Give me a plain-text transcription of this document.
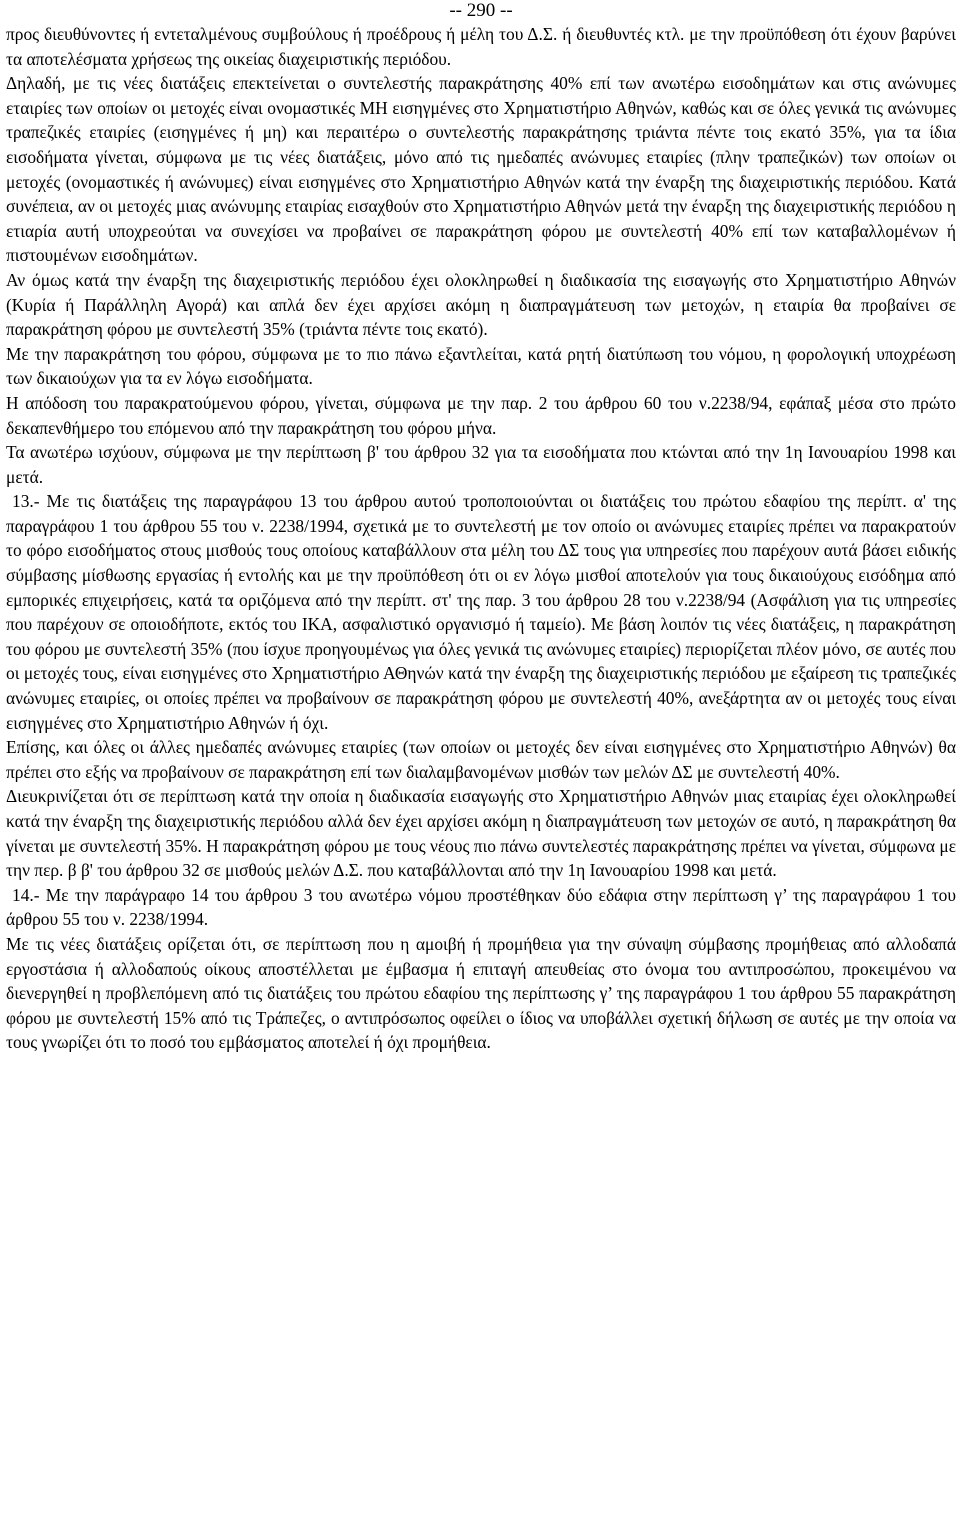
-- 290 --

προς διευθύνοντες ή εντεταλμένους συμβούλους ή προέδρους ή μέλη του Δ.Σ. ή διευθυντές κτλ. με την προϋπόθεση ότι έχουν βαρύνει τα αποτελέσματα χρήσεως της οικείας διαχειριστικής περιόδου.

Δηλαδή, με τις νέες διατάξεις επεκτείνεται ο συντελεστής παρακράτησης 40% επί των ανωτέρω εισοδημάτων και στις ανώνυμες εταιρίες των οποίων οι μετοχές είναι ονομαστικές ΜΗ εισηγμένες στο Χρηματιστήριο Αθηνών, καθώς και σε όλες γενικά τις ανώνυμες τραπεζικές εταιρίες (εισηγμένες ή μη) και περαιτέρω ο συντελεστής παρακράτησης τριάντα πέντε τοις εκατό 35%, για τα ίδια εισοδήματα γίνεται, σύμφωνα με τις νέες διατάξεις, μόνο από τις ημεδαπές ανώνυμες εταιρίες (πλην τραπεζικών) των οποίων οι μετοχές (ονομαστικές ή ανώνυμες) είναι εισηγμένες στο Χρηματιστήριο Αθηνών κατά την έναρξη της διαχειριστικής περιόδου. Κατά συνέπεια, αν οι μετοχές μιας ανώνυμης εταιρίας εισαχθούν στο Χρηματιστήριο Αθηνών μετά την έναρξη της διαχειριστικής περιόδου η ετιαρία αυτή υποχρεούται να συνεχίσει να προβαίνει σε παρακράτηση φόρου με συντελεστή 40% επί των καταβαλλομένων ή πιστουμένων εισοδημάτων.

Αν όμως κατά την έναρξη της διαχειριστικής περιόδου έχει ολοκληρωθεί η διαδικασία της εισαγωγής στο Χρηματιστήριο Αθηνών (Κυρία ή Παράλληλη Αγορά) και απλά δεν έχει αρχίσει ακόμη η διαπραγμάτευση των μετοχών, η εταιρία θα προβαίνει σε παρακράτηση φόρου με συντελεστή 35% (τριάντα πέντε τοις εκατό).

Με την παρακράτηση του φόρου, σύμφωνα με το πιο πάνω εξαντλείται, κατά ρητή διατύπωση του νόμου, η φορολογική υποχρέωση των δικαιούχων για τα εν λόγω εισοδήματα.

Η απόδοση του παρακρατούμενου φόρου, γίνεται, σύμφωνα με την παρ. 2 του άρθρου 60 του ν.2238/94, εφάπαξ μέσα στο πρώτο δεκαπενθήμερο του επόμενου από την παρακράτηση του φόρου μήνα.

Τα ανωτέρω ισχύουν, σύμφωνα με την περίπτωση β' του άρθρου 32 για τα εισοδήματα που κτώνται από την 1η Ιανουαρίου 1998 και μετά.

13.- Με τις διατάξεις της παραγράφου 13 του άρθρου αυτού τροποποιούνται οι διατάξεις του πρώτου εδαφίου της περίπτ. α' της παραγράφου 1 του άρθρου 55 του ν. 2238/1994, σχετικά με το συντελεστή με τον οποίο οι ανώνυμες εταιρίες πρέπει να παρακρατούν το φόρο εισοδήματος στους μισθούς τους οποίους καταβάλλουν στα μέλη του ΔΣ τους για υπηρεσίες που παρέχουν αυτά βάσει ειδικής σύμβασης μίσθωσης εργασίας ή εντολής και με την προϋπόθεση ότι οι εν λόγω μισθοί αποτελούν για τους δικαιούχους εισόδημα από εμπορικές επιχειρήσεις, κατά τα οριζόμενα από την περίπτ. στ' της παρ. 3 του άρθρου 28 του ν.2238/94 (Ασφάλιση για τις υπηρεσίες που παρέχουν σε οποιοδήποτε, εκτός του ΙΚΑ, ασφαλιστικό οργανισμό ή ταμείο). Με βάση λοιπόν τις νέες διατάξεις, η παρακράτηση του φόρου με συντελεστή 35% (που ίσχυε προηγουμένως για όλες γενικά τις ανώνυμες εταιρίες) περιορίζεται πλέον μόνο, σε αυτές που οι μετοχές τους, είναι εισηγμένες στο Χρηματιστήριο ΑΘηνών κατά την έναρξη της διαχειριστικής περιόδου με εξαίρεση τις τραπεζικές ανώνυμες εταιρίες, οι οποίες πρέπει να προβαίνουν σε παρακράτηση φόρου με συντελεστή 40%, ανεξάρτητα αν οι μετοχές τους είναι εισηγμένες στο Χρηματιστήριο Αθηνών ή όχι.

Επίσης, και όλες οι άλλες ημεδαπές ανώνυμες εταιρίες (των οποίων οι μετοχές δεν είναι εισηγμένες στο Χρηματιστήριο Αθηνών) θα πρέπει στο εξής να προβαίνουν σε παρακράτηση επί των διαλαμβανομένων μισθών των μελών ΔΣ με συντελεστή 40%.

Διευκρινίζεται ότι σε περίπτωση κατά την οποία η διαδικασία εισαγωγής στο Χρηματιστήριο Αθηνών μιας εταιρίας έχει ολοκληρωθεί κατά την έναρξη της διαχειριστικής περιόδου αλλά δεν έχει αρχίσει ακόμη η διαπραγμάτευση των μετοχών σε αυτό, η παρακράτηση θα γίνεται με συντελεστή 35%. Η παρακράτηση φόρου με τους νέους πιο πάνω συντελεστές παρακράτησης πρέπει να γίνεται, σύμφωνα με την περ. β β' του άρθρου 32 σε μισθούς μελών Δ.Σ. που καταβάλλονται από την 1η Ιανουαρίου 1998 και μετά.

14.- Με την παράγραφο 14 του άρθρου 3 του ανωτέρω νόμου προστέθηκαν δύο εδάφια στην περίπτωση γ’ της παραγράφου 1 του άρθρου 55 του ν. 2238/1994.

Με τις νέες διατάξεις ορίζεται ότι, σε περίπτωση που η αμοιβή ή προμήθεια για την σύναψη σύμβασης προμήθειας από αλλοδαπά εργοστάσια ή αλλοδαπούς οίκους αποστέλλεται με έμβασμα ή επιταγή απευθείας στο όνομα του αντιπροσώπου, προκειμένου να διενεργηθεί η προβλεπόμενη από τις διατάξεις του πρώτου εδαφίου της περίπτωσης γ’ της παραγράφου 1 του άρθρου 55 παρακράτηση φόρου με συντελεστή 15% από τις Τράπεζες, ο αντιπρόσωπος οφείλει ο ίδιος να υποβάλλει σχετική δήλωση σε αυτές με την οποία να τους γνωρίζει ότι το ποσό του εμβάσματος αποτελεί ή όχι προμήθεια.
